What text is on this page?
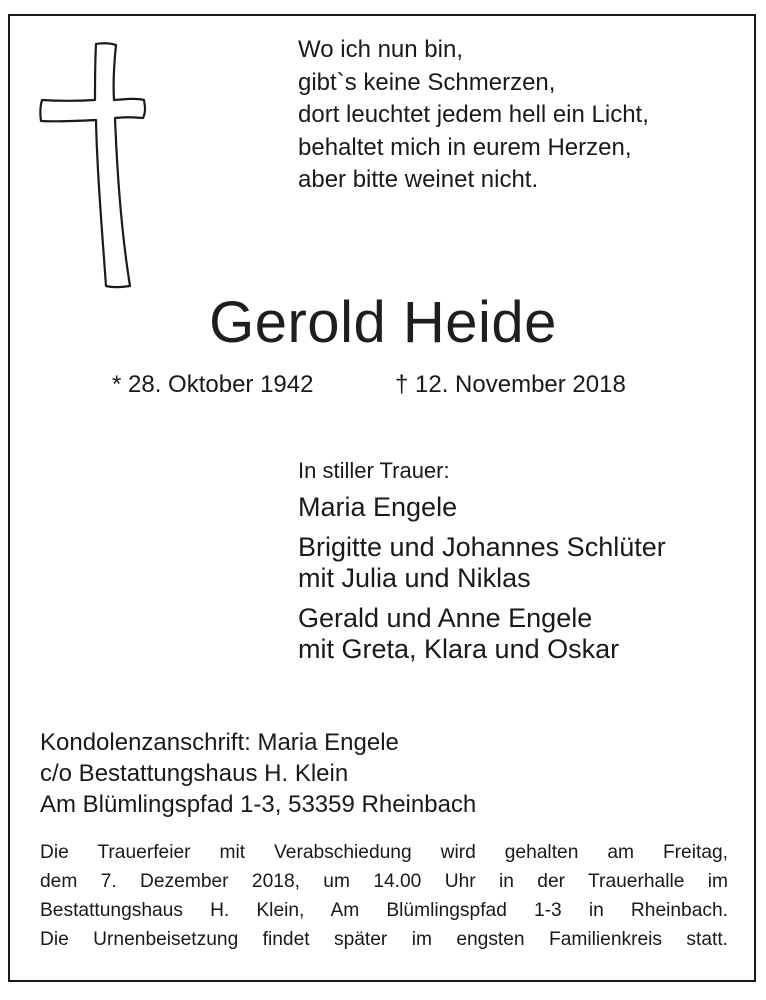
Wo ich nun bin,
gibt`s keine Schmerzen,
dort leuchtet jedem hell ein Licht,
behaltet mich in eurem Herzen,
aber bitte weinet nicht.
Gerold Heide
* 28. Oktober 1942	† 12. November 2018
In stiller Trauer:
Maria Engele
Brigitte und Johannes Schlüter
mit Julia und Niklas
Gerald und Anne Engele
mit Greta, Klara und Oskar
Kondolenzanschrift: Maria Engele
c/o Bestattungshaus H. Klein
Am Blümlingspfad 1-3, 53359 Rheinbach
Die Trauerfeier mit Verabschiedung wird gehalten am Freitag,
dem 7. Dezember 2018, um 14.00 Uhr in der Trauerhalle im
Bestattungshaus H. Klein, Am Blümlingspfad 1-3 in Rheinbach.
Die Urnenbeisetzung findet später im engsten Familienkreis statt.
